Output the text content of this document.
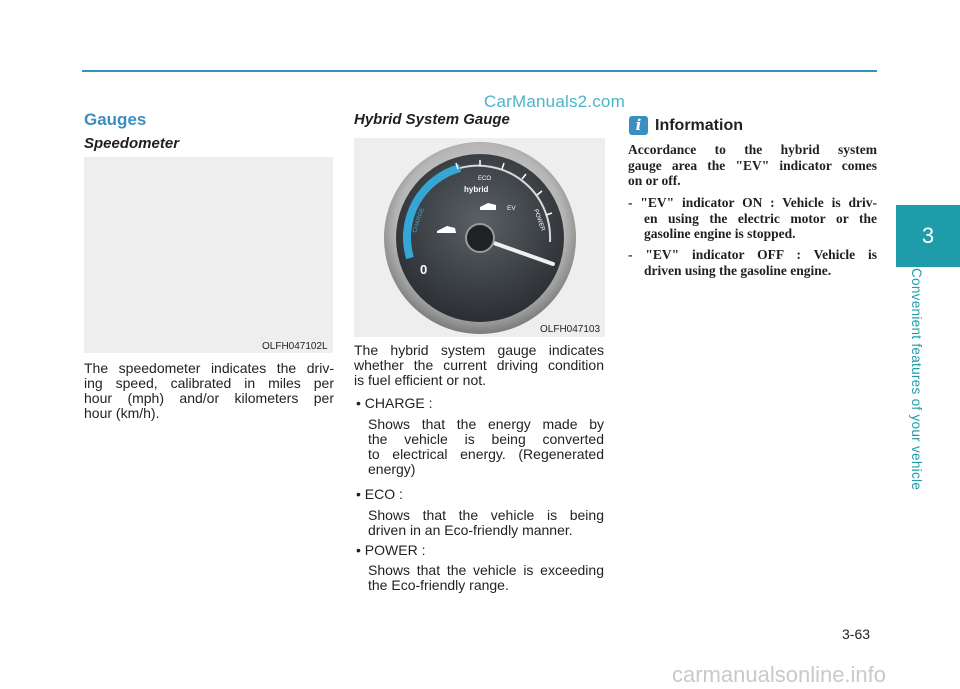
CarManuals2.com
Gauges
Speedometer
OLFH047102L
The speedometer indicates the driv-
ing speed, calibrated in miles per
hour (mph) and/or kilometers per
hour (km/h).
Hybrid System Gauge
ECO
hybrid
EV
CHARGE	POWER
0
OLFH047103
The hybrid system gauge indicates
whether the current driving condition
is fuel efficient or not.
• CHARGE :
Shows that the energy made by
the vehicle is being converted
to electrical energy. (Regenerated
energy)
• ECO :
Shows that the vehicle is being
driven in an Eco-friendly manner.
• POWER :
Shows that the vehicle is exceeding
the Eco-friendly range.
i Information
Accordance to the hybrid system
gauge area the "EV" indicator comes
on or off.
- "EV" indicator ON : Vehicle is driv-
en using the electric motor or the
gasoline engine is stopped.
- "EV" indicator OFF : Vehicle is
driven using the gasoline engine.
3
Convenient features of your vehicle
3-63
carmanualsonline.info
